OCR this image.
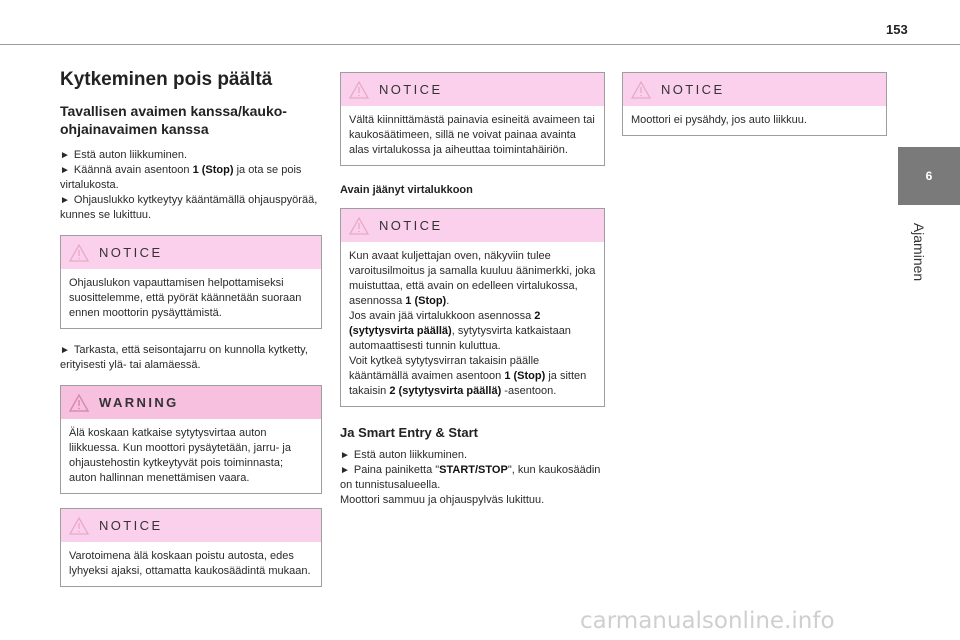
153
6
Ajaminen
Kytkeminen pois päältä
Tavallisen avaimen kanssa/kauko-ohjainavaimen kanssa

► Estä auton liikkuminen.
► Käännä avain asentoon 1 (Stop) ja ota se pois virtalukosta.
► Ohjauslukko kytkeytyy kääntämällä ohjauspyörää, kunnes se lukittuu.

NOTICE
Ohjauslukon vapauttamisen helpottamiseksi suosittelemme, että pyörät käännetään suoraan ennen moottorin pysäyttämistä.

► Tarkasta, että seisontajarru on kunnolla kytketty, erityisesti ylä- tai alamäessä.

WARNING
Älä koskaan katkaise sytytysvirtaa auton liikkuessa. Kun moottori pysäytetään, jarru- ja ohjaustehostin kytkeytyvät pois toiminnasta; auton hallinnan menettämisen vaara.
NOTICE
Varotoimena älä koskaan poistu autosta, edes lyhyeksi ajaksi, ottamatta kaukosäädintä mukaan.
NOTICE
Vältä kiinnittämästä painavia esineitä avaimeen tai kaukosäätimeen, sillä ne voivat painaa avainta alas virtalukossa ja aiheuttaa toimintahäiriön.
Avain jäänyt virtalukkoon
NOTICE
Kun avaat kuljettajan oven, näkyviin tulee varoitusilmoitus ja samalla kuuluu äänimerkki, joka muistuttaa, että avain on edelleen virtalukossa, asennossa 1 (Stop).
Jos avain jää virtalukkoon asennossa 2 (sytytysvirta päällä), sytytysvirta katkaistaan automaattisesti tunnin kuluttua.
Voit kytkeä sytytysvirran takaisin päälle kääntämällä avaimen asentoon 1 (Stop) ja sitten takaisin 2 (sytytysvirta päällä) -asentoon.
Ja Smart Entry & Start

► Estä auton liikkuminen.
► Paina painiketta "START/STOP", kun kaukosäädin on tunnistusalueella.
Moottori sammuu ja ohjauspylväs lukittuu.

NOTICE
Moottori ei pysähdy, jos auto liikkuu.
carmanualsonline.info
